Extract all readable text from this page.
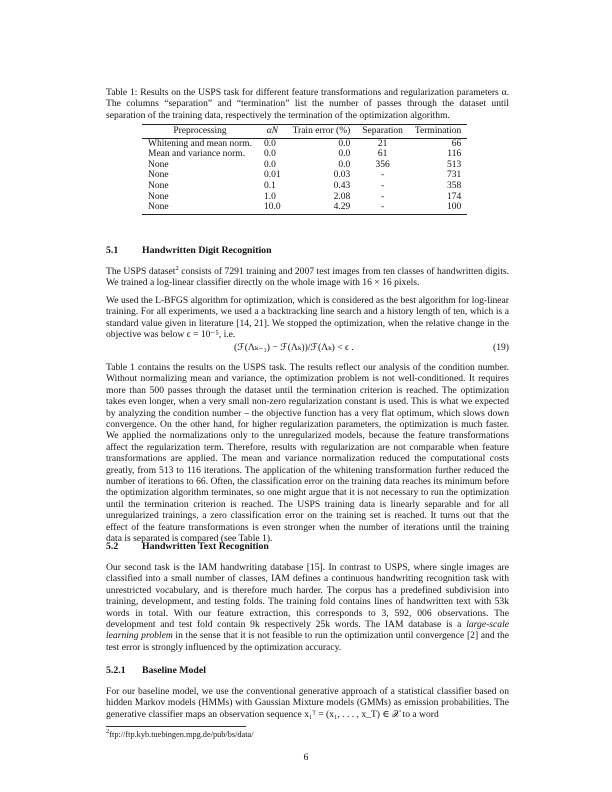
Table 1: Results on the USPS task for different feature transformations and regularization parameters α. The columns “separation” and “termination” list the number of passes through the dataset until separation of the training data, respectively the termination of the optimization algorithm.

Preprocessing	αN	Train error (%)	Separation	Termination
Whitening and mean norm.	0.0	0.0	21	66
Mean and variance norm.	0.0	0.0	61	116
None	0.0	0.0	356	513
None	0.01	0.03	-	731
None	0.1	0.43	-	358
None	1.0	2.08	-	174
None	10.0	4.29	-	100
5.1 Handwritten Digit Recognition

The USPS dataset$^2$ consists of 7291 training and 2007 test images from ten classes of handwritten digits. We trained a log-linear classifier directly on the whole image with 16 × 16 pixels.

We used the L-BFGS algorithm for optimization, which is considered as the best algorithm for log-linear training. For all experiments, we used a a backtracking line search and a history length of ten, which is a standard value given in literature [14, 21]. We stopped the optimization, when the relative change in the objective was below ϵ = 10⁻⁵, i.e.

(ℱ(Λₖ₋₁) − ℱ(Λₖ))/ℱ(Λₖ) < ϵ .	(19)

Table 1 contains the results on the USPS task. The results reflect our analysis of the condition number. Without normalizing mean and variance, the optimization problem is not well-conditioned. It requires more than 500 passes through the dataset until the termination criterion is reached. The optimization takes even longer, when a very small non-zero regularization constant is used. This is what we expected by analyzing the condition number – the objective function has a very flat optimum, which slows down convergence. On the other hand, for higher regularization parameters, the optimization is much faster. We applied the normalizations only to the unregularized models, because the feature transformations affect the regularization term. Therefore, results with regularization are not comparable when feature transformations are applied. The mean and variance normalization reduced the computational costs greatly, from 513 to 116 iterations. The application of the whitening transformation further reduced the number of iterations to 66. Often, the classification error on the training data reaches its minimum before the optimization algorithm terminates, so one might argue that it is not necessary to run the optimization until the termination criterion is reached. The USPS training data is linearly separable and for all unregularized trainings, a zero classification error on the training set is reached. It turns out that the effect of the feature transformations is even stronger when the number of iterations until the training data is separated is compared (see Table 1).

5.2 Handwritten Text Recognition

Our second task is the IAM handwriting database [15]. In contrast to USPS, where single images are classified into a small number of classes, IAM defines a continuous handwriting recognition task with unrestricted vocabulary, and is therefore much harder. The corpus has a predefined subdivision into training, development, and testing folds. The training fold contains lines of handwritten text with 53k words in total. With our feature extraction, this corresponds to 3, 592, 006 observations. The development and test fold contain 9k respectively 25k words. The IAM database is a large-scale learning problem in the sense that it is not feasible to run the optimization until convergence [2] and the test error is strongly influenced by the optimization accuracy.

5.2.1 Baseline Model

For our baseline model, we use the conventional generative approach of a statistical classifier based on hidden Markov models (HMMs) with Gaussian Mixture models (GMMs) as emission probabilities. The generative classifier maps an observation sequence x₁ᵀ = (x₁, . . . , x_T) ∈ 𝒳 to a word

$^2$ftp://ftp.kyb.tuebingen.mpg.de/pub/bs/data/
6
